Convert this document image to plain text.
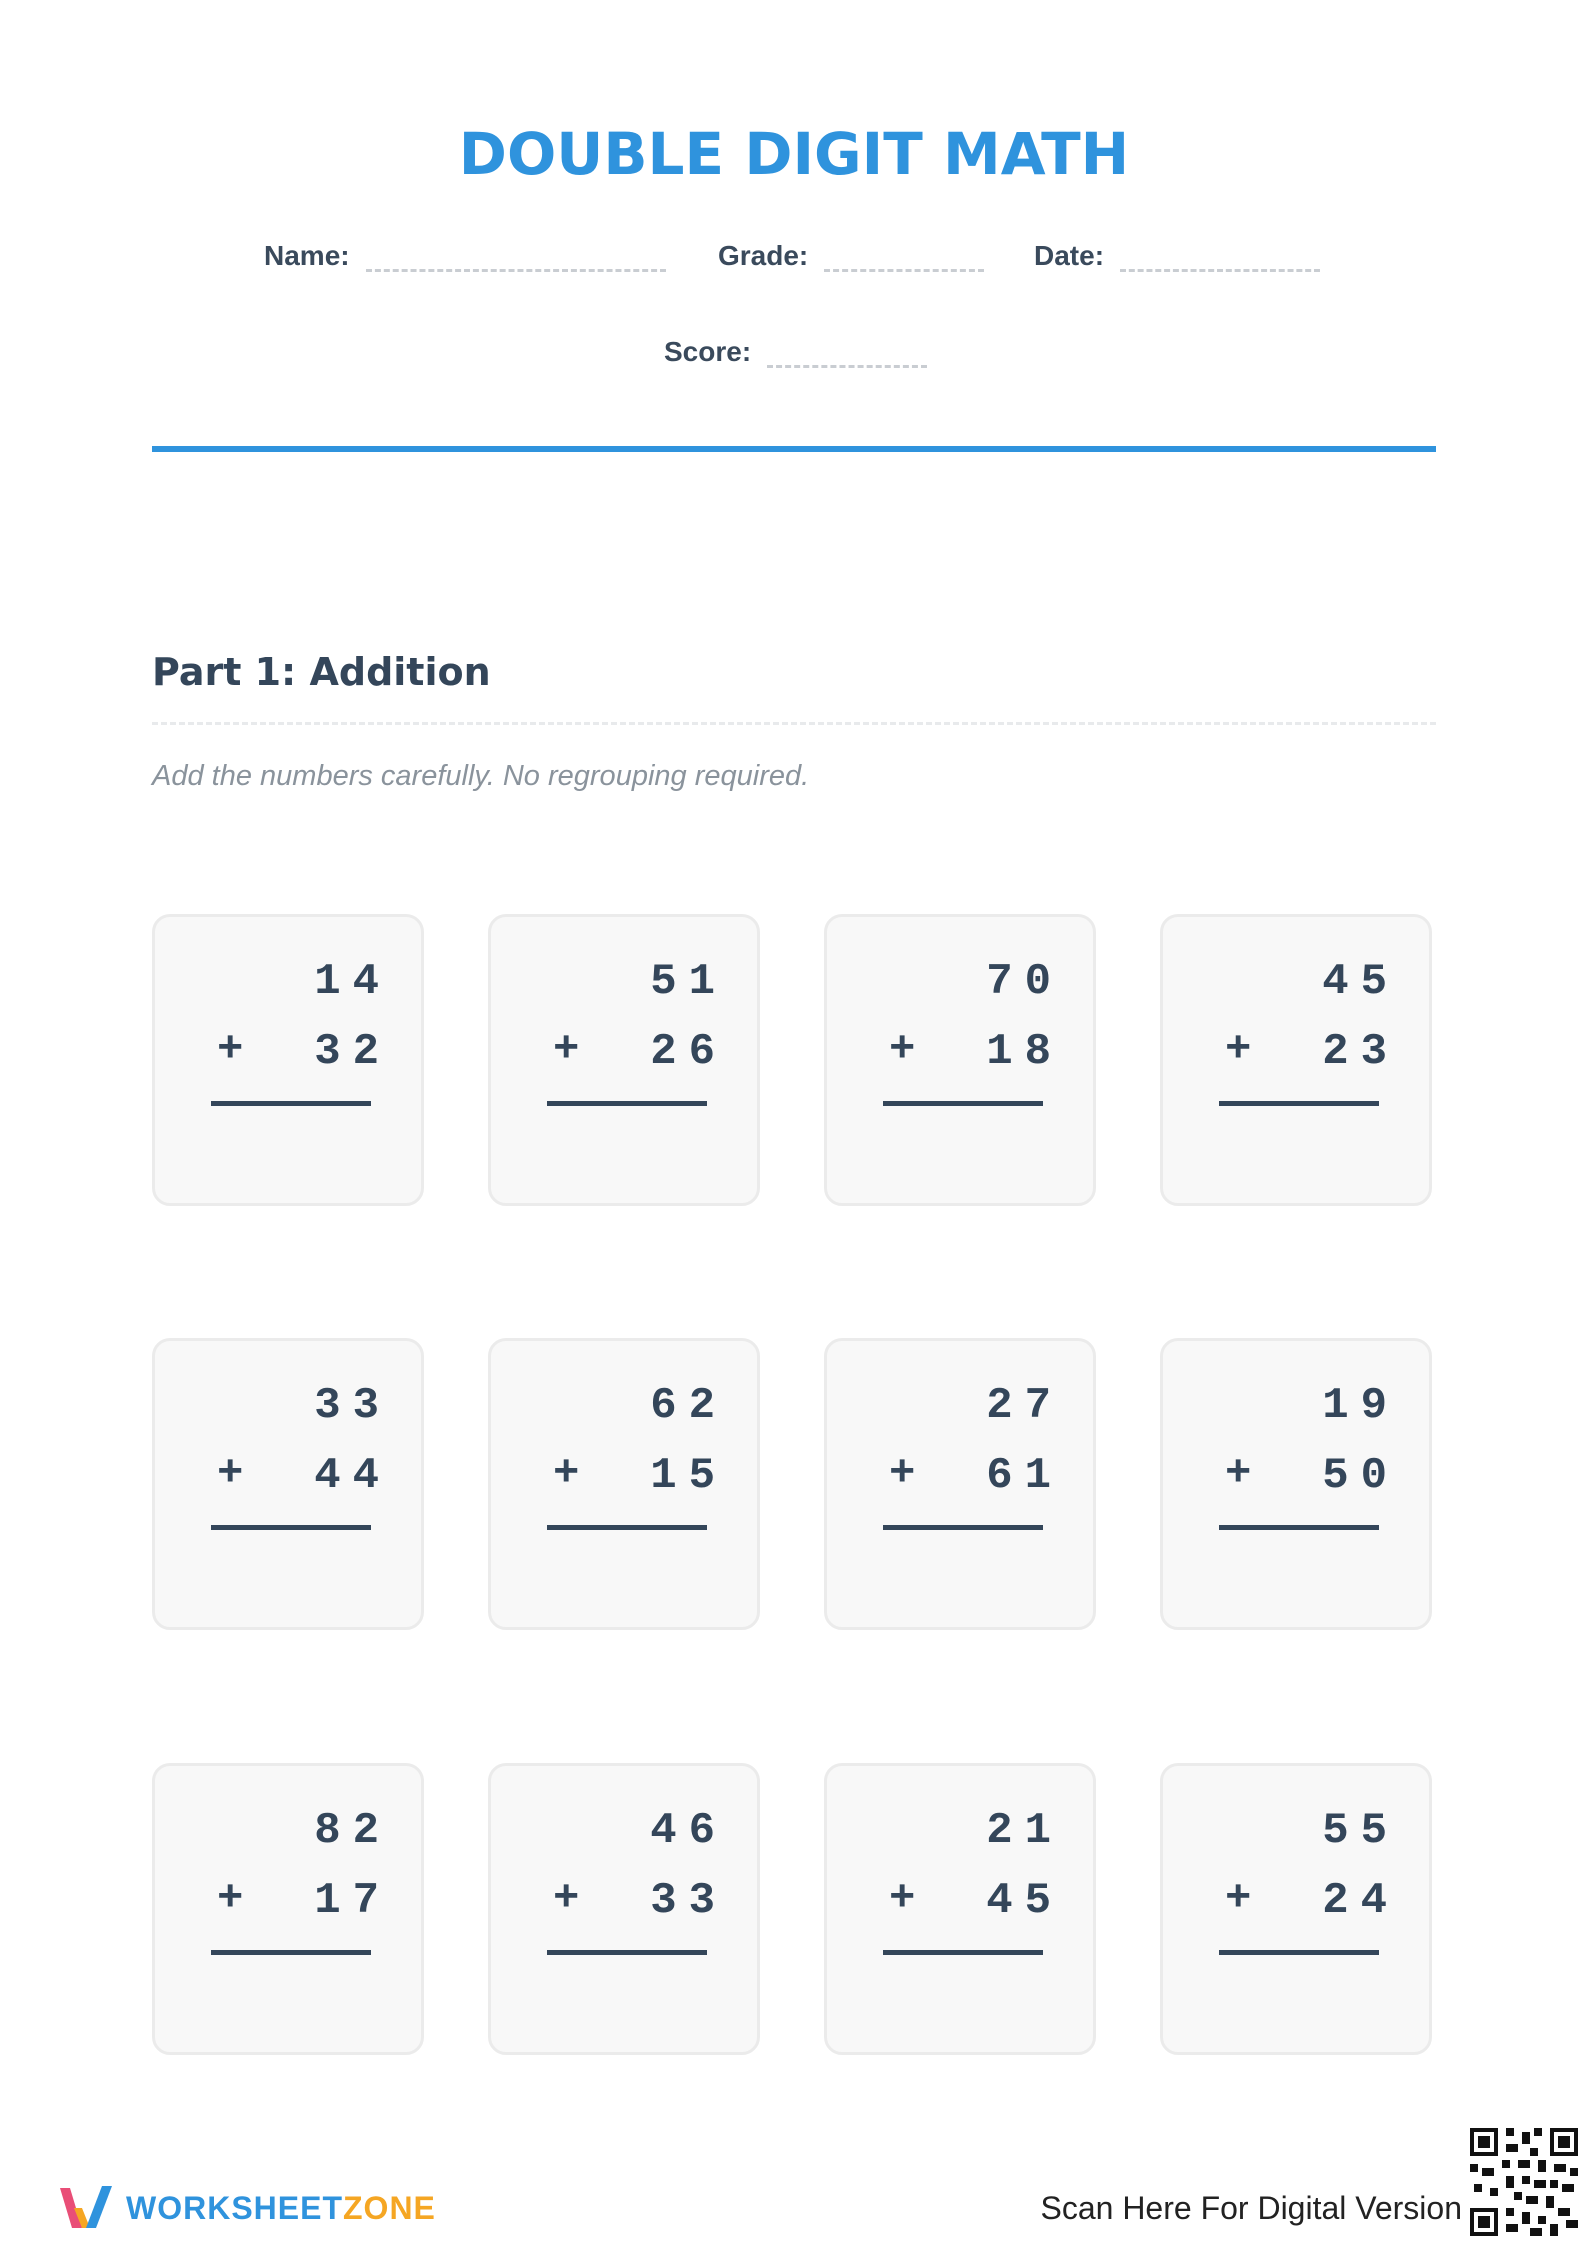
DOUBLE DIGIT MATH
Name:	Grade:	Date:
Score:
Part 1: Addition
Add the numbers carefully. No regrouping required.
14
+	32
51
+	26
70
+	18
45
+	23
33
+	44
62
+	15
27
+	61
19
+	50
82
+	17
46
+	33
21
+	45
55
+	24
WORKSHEETZONE	Scan Here For Digital Version
